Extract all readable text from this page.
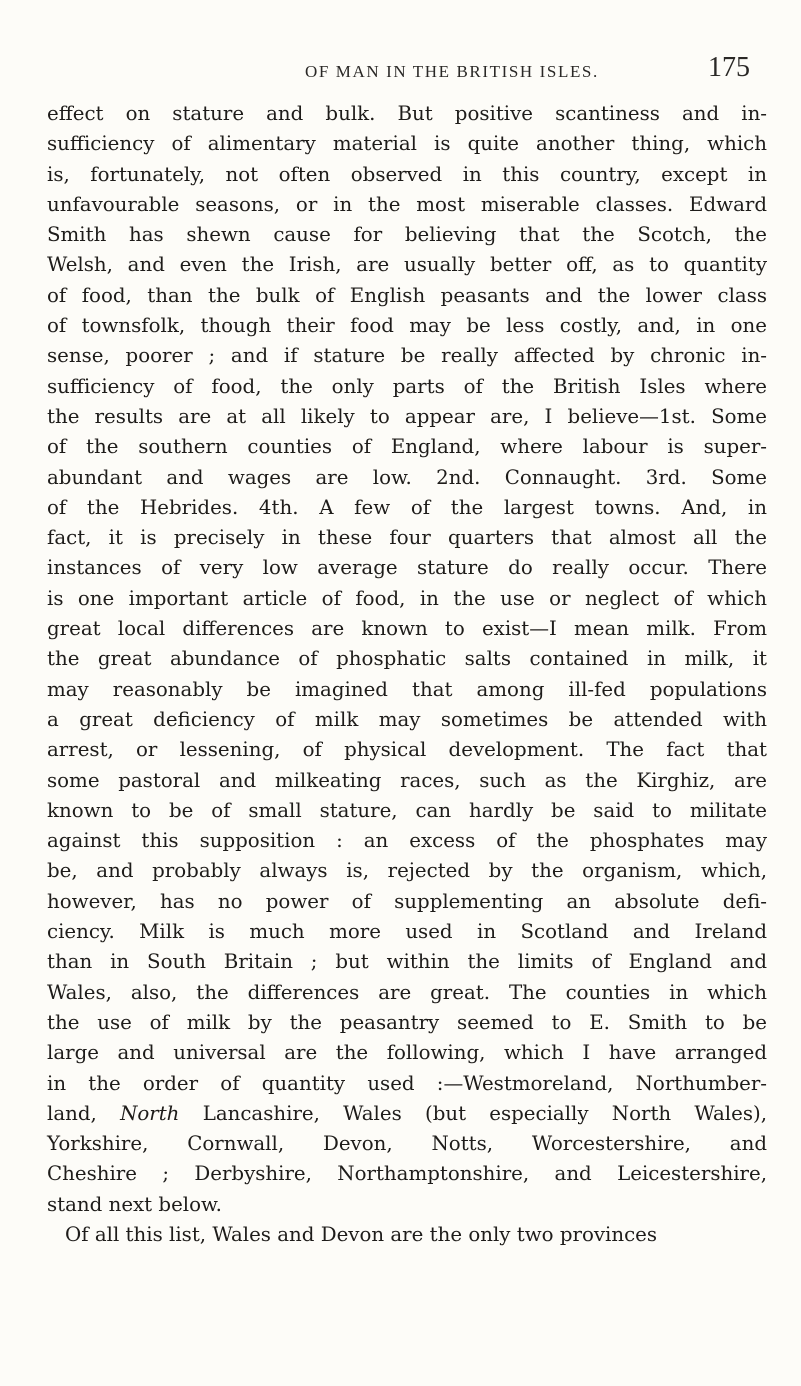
OF MAN IN THE BRITISH ISLES.	175
effect on stature and bulk. But positive scantiness and in-
sufficiency of alimentary material is quite another thing, which
is, fortunately, not often observed in this country, except in
unfavourable seasons, or in the most miserable classes. Edward
Smith has shewn cause for believing that the Scotch, the
Welsh, and even the Irish, are usually better off, as to quantity
of food, than the bulk of English peasants and the lower class
of townsfolk, though their food may be less costly, and, in one
sense, poorer ; and if stature be really affected by chronic in-
sufficiency of food, the only parts of the British Isles where
the results are at all likely to appear are, I believe—1st. Some
of the southern counties of England, where labour is super-
abundant and wages are low. 2nd. Connaught. 3rd. Some
of the Hebrides. 4th. A few of the largest towns. And, in
fact, it is precisely in these four quarters that almost all the
instances of very low average stature do really occur. There
is one important article of food, in the use or neglect of which
great local differences are known to exist—I mean milk. From
the great abundance of phosphatic salts contained in milk, it
may reasonably be imagined that among ill-fed populations
a great deficiency of milk may sometimes be attended with
arrest, or lessening, of physical development. The fact that
some pastoral and milkeating races, such as the Kirghiz, are
known to be of small stature, can hardly be said to militate
against this supposition : an excess of the phosphates may
be, and probably always is, rejected by the organism, which,
however, has no power of supplementing an absolute defi-
ciency. Milk is much more used in Scotland and Ireland
than in South Britain ; but within the limits of England and
Wales, also, the differences are great. The counties in which
the use of milk by the peasantry seemed to E. Smith to be
large and universal are the following, which I have arranged
in the order of quantity used :—Westmoreland, Northumber-
land, North Lancashire, Wales (but especially North Wales),
Yorkshire, Cornwall, Devon, Notts, Worcestershire, and
Cheshire ; Derbyshire, Northamptonshire, and Leicestershire,
stand next below.
Of all this list, Wales and Devon are the only two provinces
